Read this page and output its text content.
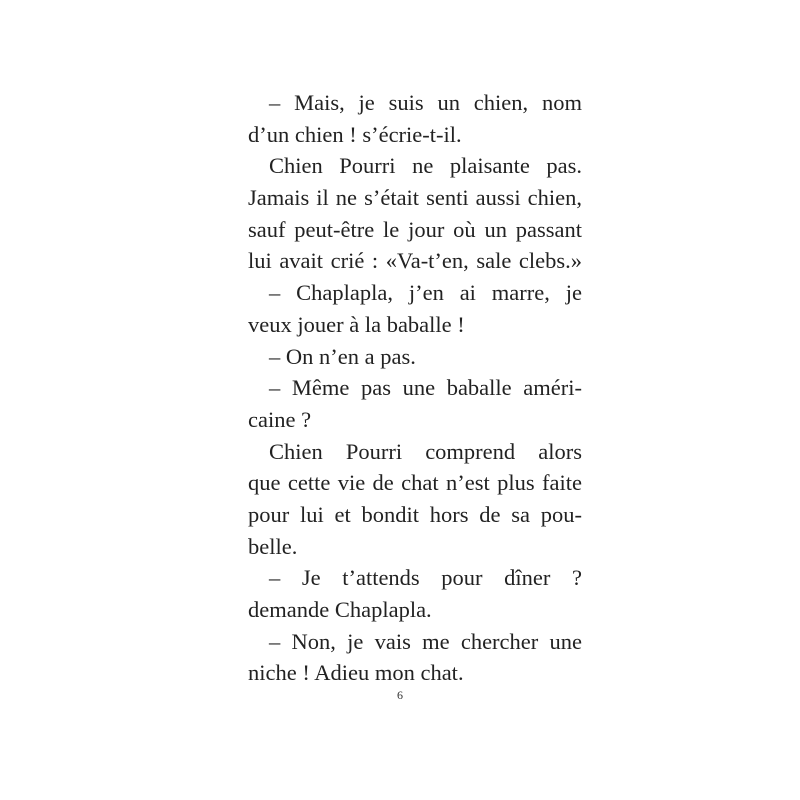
– Mais, je suis un chien, nom
d’un chien ! s’écrie-t-il.
Chien Pourri ne plaisante pas.
Jamais il ne s’était senti aussi chien,
sauf peut-être le jour où un passant
lui avait crié : «Va-t’en, sale clebs.»
– Chaplapla, j’en ai marre, je
veux jouer à la baballe !
– On n’en a pas.
– Même pas une baballe améri-
caine ?
Chien Pourri comprend alors
que cette vie de chat n’est plus faite
pour lui et bondit hors de sa pou-
belle.
– Je t’attends pour dîner ?
demande Chaplapla.
– Non, je vais me chercher une
niche ! Adieu mon chat.
6
